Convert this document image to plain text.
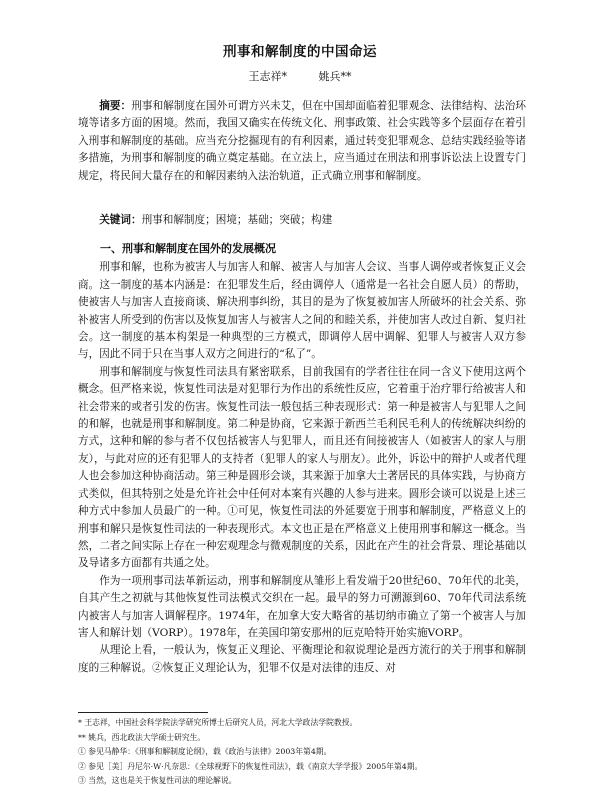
刑事和解制度的中国命运
王志祥*	姚兵**
摘要：刑事和解制度在国外可谓方兴未艾，但在中国却面临着犯罪观念、法律结构、法治环境等诸多方面的困境。然而，我国又确实在传统文化、刑事政策、社会实践等多个层面存在着引入刑事和解制度的基础。应当充分挖掘现有的有利因素，通过转变犯罪观念、总结实践经验等诸多措施，为刑事和解制度的确立奠定基础。在立法上，应当通过在刑法和刑事诉讼法上设置专门规定，将民间大量存在的和解因素纳入法治轨道，正式确立刑事和解制度。
关键词：刑事和解制度；困境；基础；突破；构建
一、刑事和解制度在国外的发展概况

刑事和解，也称为被害人与加害人和解、被害人与加害人会议、当事人调停或者恢复正义会商。这一制度的基本内涵是：在犯罪发生后，经由调停人（通常是一名社会自愿人员）的帮助，使被害人与加害人直接商谈、解决刑事纠纷，其目的是为了恢复被加害人所破坏的社会关系、弥补被害人所受到的伤害以及恢复加害人与被害人之间的和睦关系，并使加害人改过自新、复归社会。这一制度的基本构架是一种典型的三方模式，即调停人居中调解、犯罪人与被害人双方参与，因此不同于只在当事人双方之间进行的“私了”。

刑事和解制度与恢复性司法具有紧密联系，目前我国有的学者往往在同一含义下使用这两个概念。但严格来说，恢复性司法是对犯罪行为作出的系统性反应，它着重于治疗罪行给被害人和社会带来的或者引发的伤害。恢复性司法一般包括三种表现形式：第一种是被害人与犯罪人之间的和解，也就是刑事和解制度。第二种是协商，它来源于新西兰毛利民毛利人的传统解决纠纷的方式，这种和解的参与者不仅包括被害人与犯罪人，而且还有间接被害人（如被害人的家人与朋友），与此对应的还有犯罪人的支持者（犯罪人的家人与朋友）。此外，诉讼中的辩护人或者代理人也会参加这种协商活动。第三种是圆形会谈，其来源于加拿大土著居民的具体实践，与协商方式类似，但其特别之处是允许社会中任何对本案有兴趣的人参与进来。圆形会谈可以说是上述三种方式中参加人员最广的一种。①可见，恢复性司法的外延要宽于刑事和解制度，严格意义上的刑事和解只是恢复性司法的一种表现形式。本文也正是在严格意义上使用刑事和解这一概念。当然，二者之间实际上存在一种宏观理念与微观制度的关系，因此在产生的社会背景、理论基础以及导诸多方面都有共通之处。

作为一项刑事司法革新运动，刑事和解制度从雏形上看发端于20世纪60、70年代的北美，自其产生之初就与其他恢复性司法模式交织在一起。最早的努力可溯源到60、70年代司法系统内被害人与加害人调解程序。1974年，在加拿大安大略省的基切纳市确立了第一个被害人与加害人和解计划（VORP）。1978年，在美国印第安那州的厄克哈特开始实施VORP。

从理论上看，一般认为，恢复正义理论、平衡理论和叙说理论是西方流行的关于刑事和解制度的三种解说。②恢复正义理论认为，犯罪不仅是对法律的违反、对

* 王志祥，中国社会科学院法学研究所博士后研究人员，河北大学政法学院教授。
** 姚兵，西北政法大学硕士研究生。
① 参见马静华：《刑事和解制度论纲》，载《政治与法律》2003年第4期。
② 参见［美］丹尼尔·W·凡奈思：《全球视野下的恢复性司法》，载《南京大学学报》2005年第4期。
③ 当然，这也是关于恢复性司法的理论解说。
